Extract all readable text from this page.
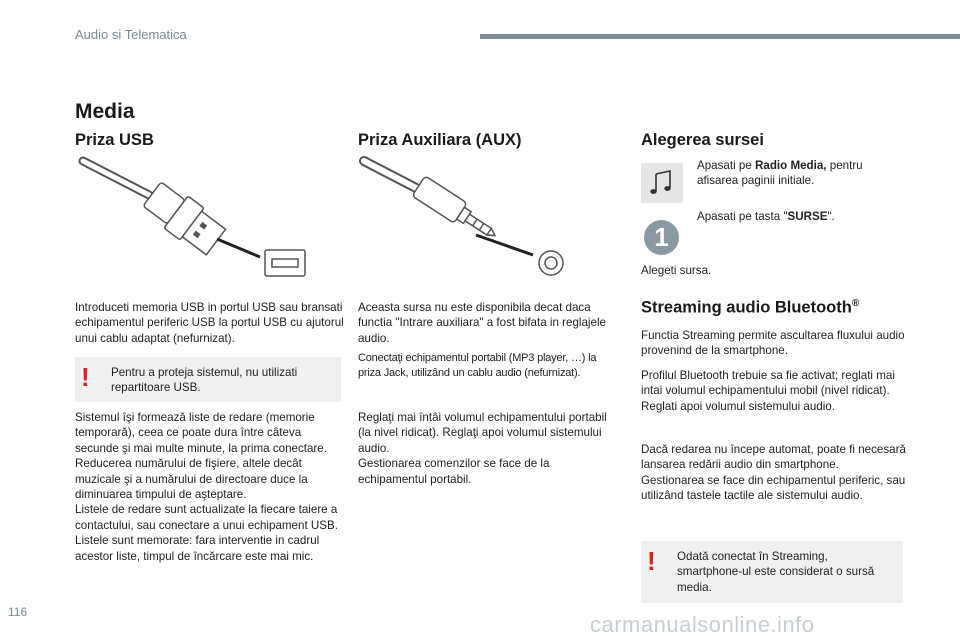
Audio si Telematica
Media
Priza USB
Introduceti memoria USB in portul USB sau bransati echipamentul periferic USB la portul USB cu ajutorul unui cablu adaptat (nefurnizat).
! Pentru a proteja sistemul, nu utilizati repartitoare USB.

Sistemul îşi formează liste de redare (memorie temporară), ceea ce poate dura între câteva secunde şi mai multe minute, la prima conectare.

Reducerea numărului de fişiere, altele decât muzicale şi a numărului de directoare duce la diminuarea timpului de aşteptare.

Listele de redare sunt actualizate la fiecare taiere a contactului, sau conectare a unui echipament USB. Listele sunt memorate: fara interventie in cadrul acestor liste, timpul de încărcare este mai mic.

Priza Auxiliara (AUX)
Aceasta sursa nu este disponibila decat daca functia "Intrare auxiliara" a fost bifata in reglajele audio.
Conectaţi echipamentul portabil (MP3 player, …) la priza Jack, utilizând un cablu audio (nefurnizat).

Reglaţi mai întâi volumul echipamentului portabil (la nivel ridicat). Reglaţi apoi volumul sistemului audio.

Gestionarea comenzilor se face de la echipamentul portabil.

Alegerea sursei
Apasati pe Radio Media, pentru afisarea paginii initiale.
1
Apasati pe tasta "SURSE".
Alegeti sursa.
Streaming audio Bluetooth®
Functia Streaming permite ascultarea fluxului audio provenind de la smartphone.

Profilul Bluetooth trebuie sa fie activat; reglati mai intai volumul echipamentului mobil (nivel ridicat).

Reglati apoi volumul sistemului audio.

Dacă redarea nu începe automat, poate fi necesară lansarea redării audio din smartphone.

Gestionarea se face din echipamentul periferic, sau utilizând tastele tactile ale sistemului audio.

! Odată conectat în Streaming, smartphone-ul este considerat o sursă media.
116	carmanualsonline.info
